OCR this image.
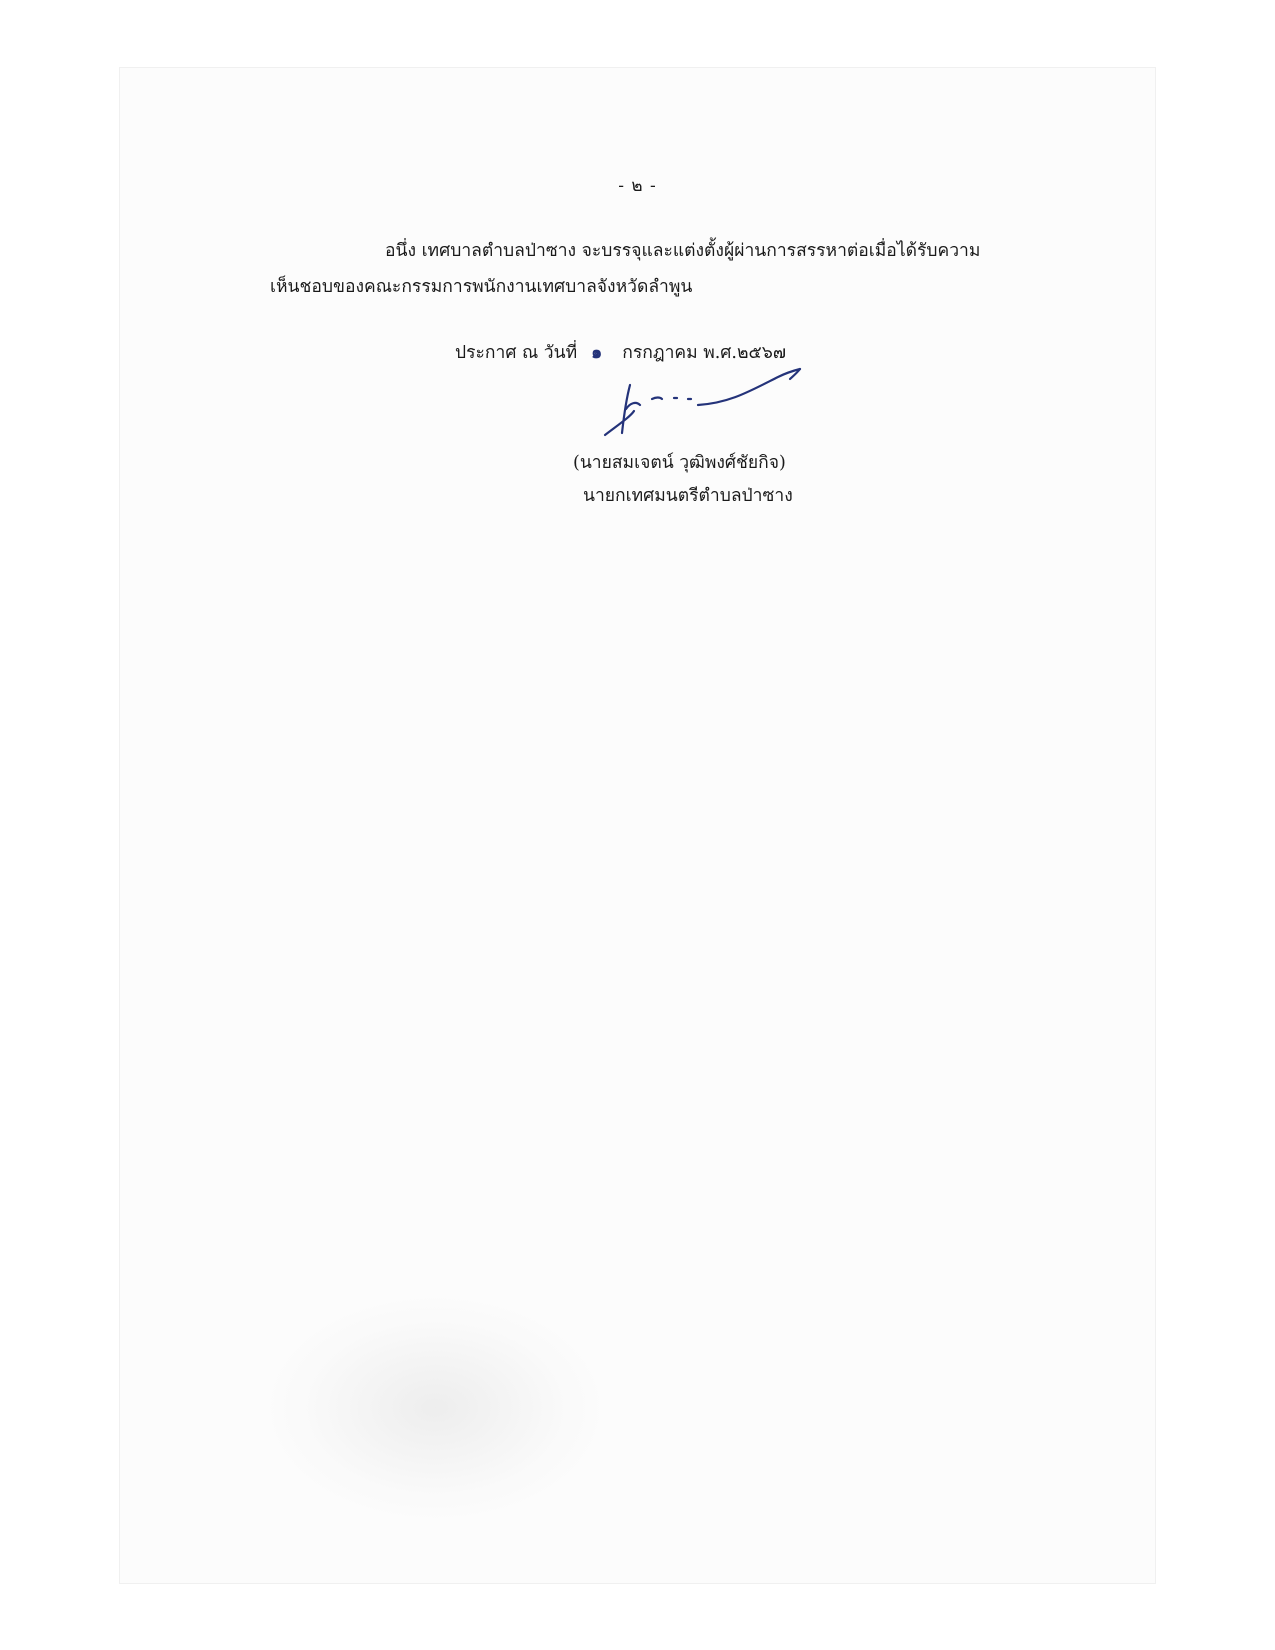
- ๒ -
อนึ่ง เทศบาลตำบลป่าซาง จะบรรจุและแต่งตั้งผู้ผ่านการสรรหาต่อเมื่อได้รับความ
เห็นชอบของคณะกรรมการพนักงานเทศบาลจังหวัดลำพูน
ประกาศ ณ วันที่ ๑ กรกฎาคม พ.ศ.๒๕๖๗
(นายสมเจตน์ วุฒิพงศ์ชัยกิจ)
นายกเทศมนตรีตำบลป่าซาง
